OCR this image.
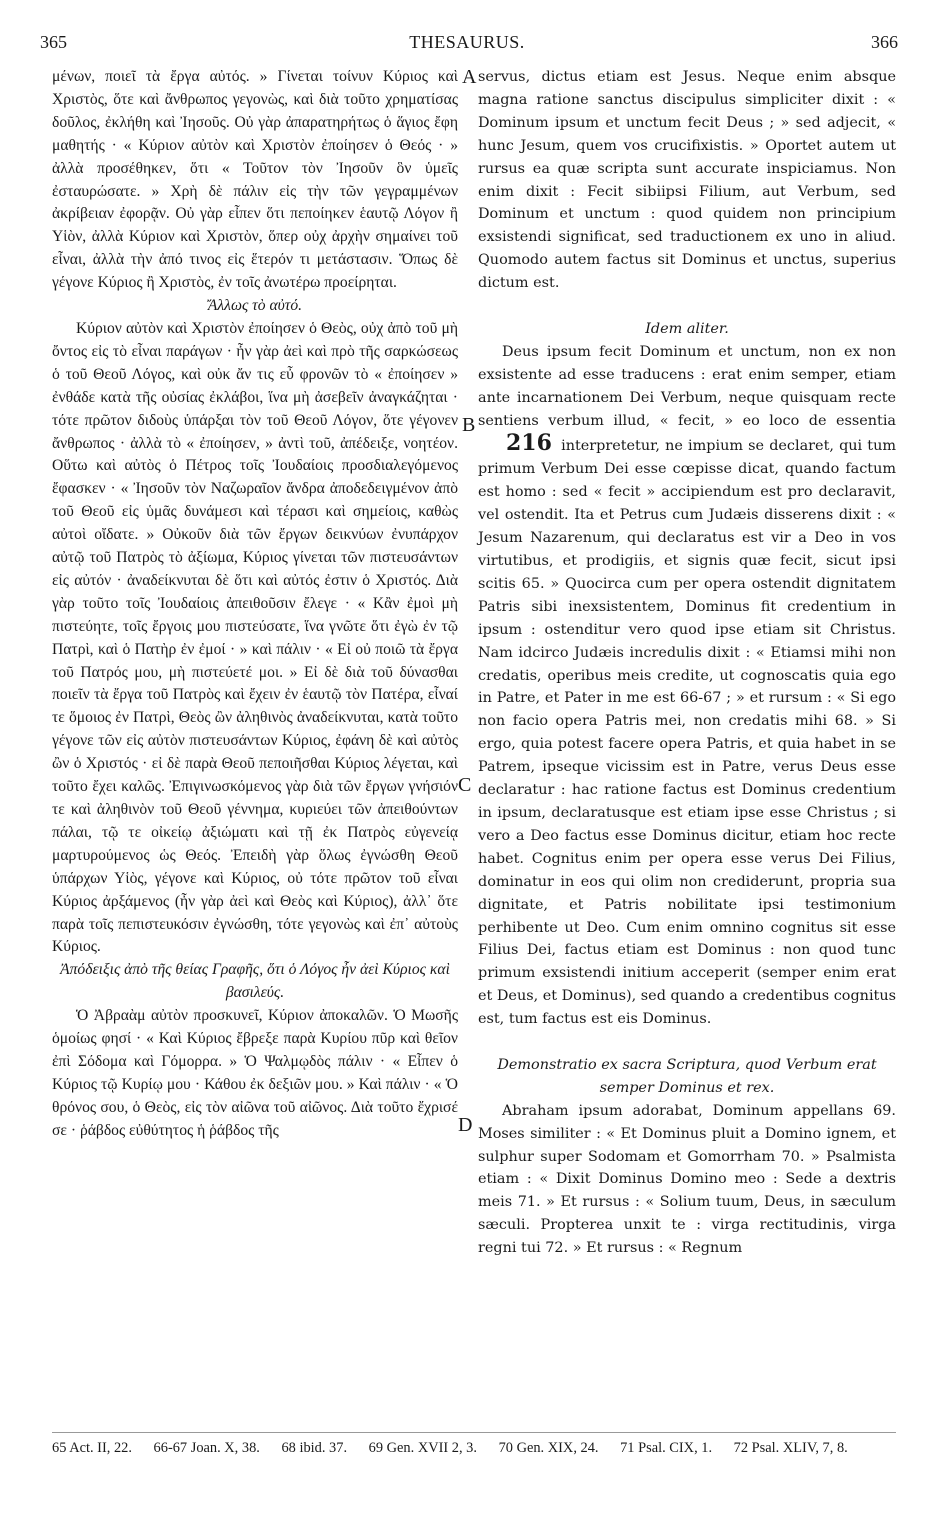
365	THESAURUS.	366
A
B
C
D

μένων, ποιεῖ τὰ ἔργα αὐτός. » Γίνεται τοίνυν Κύριος καὶ Χριστὸς, ὅτε καὶ ἄνθρωπος γεγονὼς, καὶ διὰ τοῦτο χρηματίσας δοῦλος, ἐκλήθη καὶ Ἰησοῦς. Οὐ γὰρ ἀπαρατηρήτως ὁ ἅγιος ἔφη μαθητής · « Κύριον αὐτὸν καὶ Χριστὸν ἐποίησεν ὁ Θεός · » ἀλλὰ προσέθηκεν, ὅτι « Τοῦτον τὸν Ἰησοῦν ὃν ὑμεῖς ἐσταυρώσατε. » Χρὴ δὲ πάλιν εἰς τὴν τῶν γεγραμμένων ἀκρίβειαν ἐφορᾷν. Οὐ γὰρ εἶπεν ὅτι πεποίηκεν ἑαυτῷ Λόγον ἢ Υἱὸν, ἀλλὰ Κύριον καὶ Χριστὸν, ὅπερ οὐχ ἀρχὴν σημαίνει τοῦ εἶναι, ἀλλὰ τὴν ἀπό τινος εἰς ἕτερόν τι μετάστασιν. Ὅπως δὲ γέγονε Κύριος ἢ Χριστὸς, ἐν τοῖς ἀνωτέρω προείρηται.

Ἄλλως τὸ αὐτό.

Κύριον αὐτὸν καὶ Χριστὸν ἐποίησεν ὁ Θεὸς, οὐχ ἀπὸ τοῦ μὴ ὄντος εἰς τὸ εἶναι παράγων · ἦν γὰρ ἀεὶ καὶ πρὸ τῆς σαρκώσεως ὁ τοῦ Θεοῦ Λόγος, καὶ οὐκ ἄν τις εὖ φρονῶν τὸ « ἐποίησεν » ἐνθάδε κατὰ τῆς οὐσίας ἐκλάβοι, ἵνα μὴ ἀσεβεῖν ἀναγκάζηται · τότε πρῶτον διδοὺς ὑπάρξαι τὸν τοῦ Θεοῦ Λόγον, ὅτε γέγονεν ἄνθρωπος · ἀλλὰ τὸ « ἐποίησεν, » ἀντὶ τοῦ, ἀπέδειξε, νοητέον. Οὕτω καὶ αὐτὸς ὁ Πέτρος τοῖς Ἰουδαίοις προσδιαλεγόμενος ἔφασκεν · « Ἰησοῦν τὸν Ναζωραῖον ἄνδρα ἀποδεδειγμένον ἀπὸ τοῦ Θεοῦ εἰς ὑμᾶς δυνάμεσι καὶ τέρασι καὶ σημείοις, καθὼς αὐτοὶ οἴδατε. » Οὐκοῦν διὰ τῶν ἔργων δεικνύων ἐνυπάρχον αὐτῷ τοῦ Πατρὸς τὸ ἀξίωμα, Κύριος γίνεται τῶν πιστευσάντων εἰς αὐτόν · ἀναδείκνυται δὲ ὅτι καὶ αὐτός ἐστιν ὁ Χριστός. Διὰ γὰρ τοῦτο τοῖς Ἰουδαίοις ἀπειθοῦσιν ἔλεγε · « Κἂν ἐμοὶ μὴ πιστεύητε, τοῖς ἔργοις μου πιστεύσατε, ἵνα γνῶτε ὅτι ἐγὼ ἐν τῷ Πατρὶ, καὶ ὁ Πατὴρ ἐν ἐμοί · » καὶ πάλιν · « Εἰ οὐ ποιῶ τὰ ἔργα τοῦ Πατρός μου, μὴ πιστεύετέ μοι. » Εἰ δὲ διὰ τοῦ δύνασθαι ποιεῖν τὰ ἔργα τοῦ Πατρὸς καὶ ἔχειν ἐν ἑαυτῷ τὸν Πατέρα, εἶναί τε ὅμοιος ἐν Πατρὶ, Θεὸς ὢν ἀληθινὸς ἀναδείκνυται, κατὰ τοῦτο γέγονε τῶν εἰς αὐτὸν πιστευσάντων Κύριος, ἐφάνη δὲ καὶ αὐτὸς ὢν ὁ Χριστός · εἰ δὲ παρὰ Θεοῦ πεποιῆσθαι Κύριος λέγεται, καὶ τοῦτο ἔχει καλῶς. Ἐπιγινωσκόμενος γὰρ διὰ τῶν ἔργων γνήσιόν τε καὶ ἀληθινὸν τοῦ Θεοῦ γέννημα, κυριεύει τῶν ἀπειθούντων πάλαι, τῷ τε οἰκείῳ ἀξιώματι καὶ τῇ ἐκ Πατρὸς εὐγενείᾳ μαρτυρούμενος ὡς Θεός. Ἐπειδὴ γὰρ ὅλως ἐγνώσθη Θεοῦ ὑπάρχων Υἱὸς, γέγονε καὶ Κύριος, οὐ τότε πρῶτον τοῦ εἶναι Κύριος ἀρξάμενος (ἦν γὰρ ἀεὶ καὶ Θεὸς καὶ Κύριος), ἀλλ᾽ ὅτε παρὰ τοῖς πεπιστευκόσιν ἐγνώσθη, τότε γεγονὼς καὶ ἐπ᾽ αὐτοὺς Κύριος.

Ἀπόδειξις ἀπὸ τῆς θείας Γραφῆς, ὅτι ὁ Λόγος ἦν ἀεὶ Κύριος καὶ βασιλεύς.

Ὁ Ἀβραὰμ αὐτὸν προσκυνεῖ, Κύριον ἀποκαλῶν. Ὁ Μωσῆς ὁμοίως φησί · « Καὶ Κύριος ἔβρεξε παρὰ Κυρίου πῦρ καὶ θεῖον ἐπὶ Σόδομα καὶ Γόμορρα. » Ὁ Ψαλμῳδὸς πάλιν · « Εἶπεν ὁ Κύριος τῷ Κυρίῳ μου · Κάθου ἐκ δεξιῶν μου. » Καὶ πάλιν · « Ὁ θρόνος σου, ὁ Θεὸς, εἰς τὸν αἰῶνα τοῦ αἰῶνος. Διὰ τοῦτο ἔχρισέ σε · ῥάβδος εὐθύτητος ἡ ῥάβδος τῆς

servus, dictus etiam est Jesus. Neque enim absque magna ratione sanctus discipulus simpliciter dixit : « Dominum ipsum et unctum fecit Deus ; » sed adjecit, « hunc Jesum, quem vos crucifixistis. » Oportet autem ut rursus ea quæ scripta sunt accurate inspiciamus. Non enim dixit : Fecit sibiipsi Filium, aut Verbum, sed Dominum et unctum : quod quidem non principium exsistendi significat, sed traductionem ex uno in aliud. Quomodo autem factus sit Dominus et unctus, superius dictum est.

Idem aliter.

Deus ipsum fecit Dominum et unctum, non ex non exsistente ad esse traducens : erat enim semper, etiam ante incarnationem Dei Verbum, neque quisquam recte sentiens verbum illud, « fecit, » eo loco de essentia 216 interpretetur, ne impium se declaret, qui tum primum Verbum Dei esse cœpisse dicat, quando factum est homo : sed « fecit » accipiendum est pro declaravit, vel ostendit. Ita et Petrus cum Judæis disserens dixit : « Jesum Nazarenum, qui declaratus est vir a Deo in vos virtutibus, et prodigiis, et signis quæ fecit, sicut ipsi scitis 65. » Quocirca cum per opera ostendit dignitatem Patris sibi inexsistentem, Dominus fit credentium in ipsum : ostenditur vero quod ipse etiam sit Christus. Nam idcirco Judæis incredulis dixit : « Etiamsi mihi non credatis, operibus meis credite, ut cognoscatis quia ego in Patre, et Pater in me est 66-67 ; » et rursum : « Si ego non facio opera Patris mei, non credatis mihi 68. » Si ergo, quia potest facere opera Patris, et quia habet in se Patrem, ipseque vicissim est in Patre, verus Deus esse declaratur : hac ratione factus est Dominus credentium in ipsum, declaratusque est etiam ipse esse Christus ; si vero a Deo factus esse Dominus dicitur, etiam hoc recte habet. Cognitus enim per opera esse verus Dei Filius, dominatur in eos qui olim non crediderunt, propria sua dignitate, et Patris nobilitate ipsi testimonium perhibente ut Deo. Cum enim omnino cognitus sit esse Filius Dei, factus etiam est Dominus : non quod tunc primum exsistendi initium acceperit (semper enim erat et Deus, et Dominus), sed quando a credentibus cognitus est, tum factus est eis Dominus.

Demonstratio ex sacra Scriptura, quod Verbum erat semper Dominus et rex.

Abraham ipsum adorabat, Dominum appellans 69. Moses similiter : « Et Dominus pluit a Domino ignem, et sulphur super Sodomam et Gomorrham 70. » Psalmista etiam : « Dixit Dominus Domino meo : Sede a dextris meis 71. » Et rursus : « Solium tuum, Deus, in sæculum sæculi. Propterea unxit te : virga rectitudinis, virga regni tui 72. » Et rursus : « Regnum

65 Act. II, 22. 66-67 Joan. X, 38. 68 ibid. 37. 69 Gen. XVII 2, 3. 70 Gen. XIX, 24. 71 Psal. CIX, 1. 72 Psal. XLIV, 7, 8.
